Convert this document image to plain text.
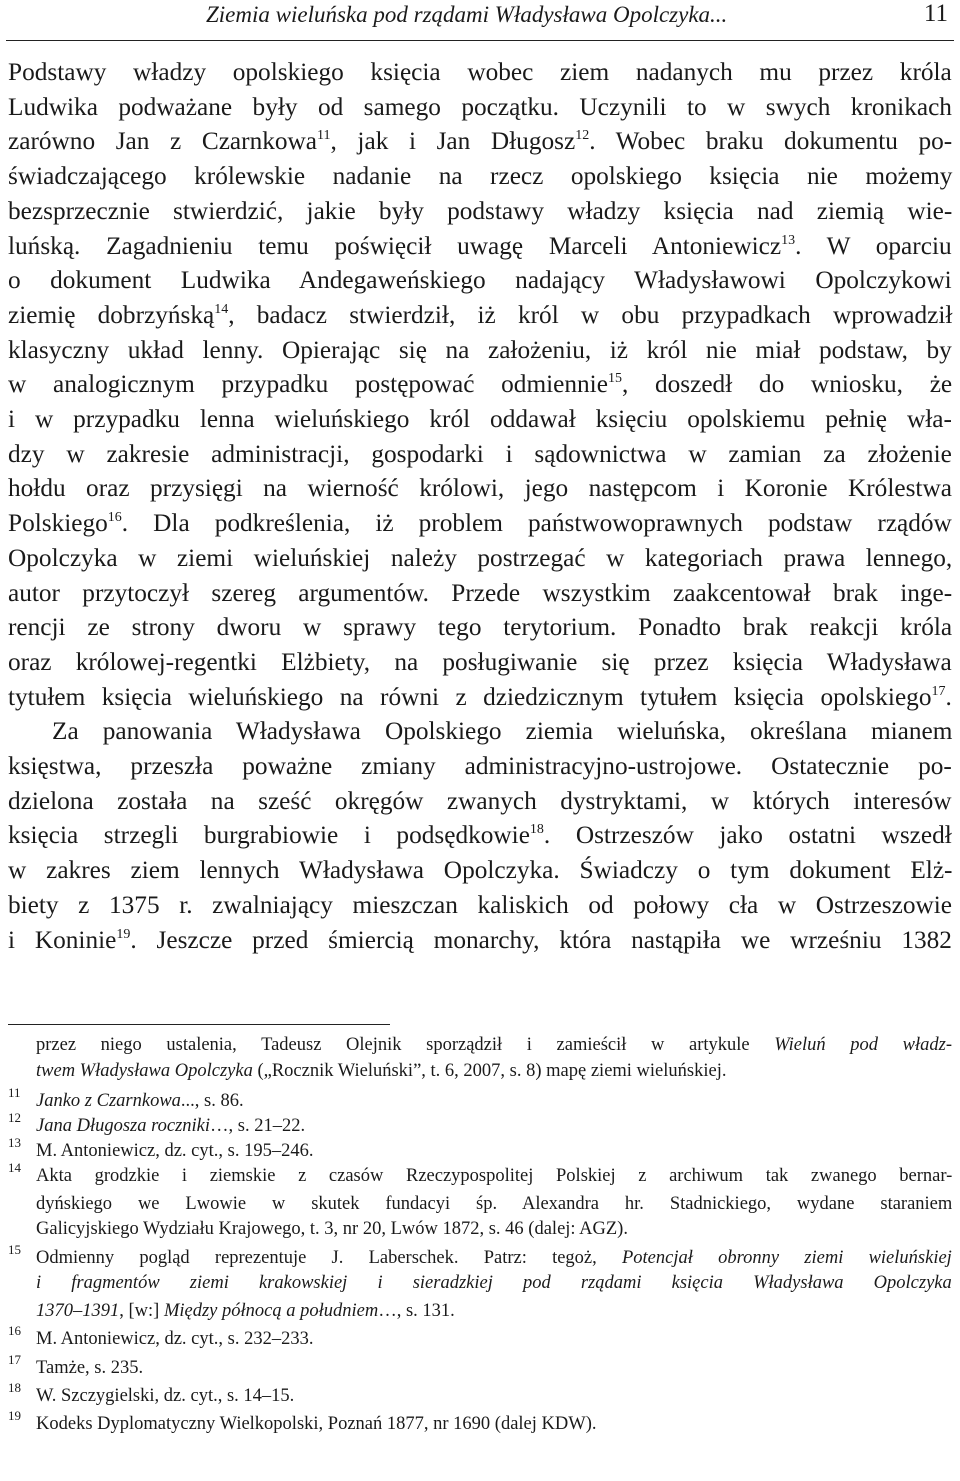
Ziemia wieluńska pod rządami Władysława Opolczyka...	11
Podstawy władzy opolskiego księcia wobec ziem nadanych mu przez króla
Ludwika podważane były od samego początku. Uczynili to w swych kronikach
zarówno Jan z Czarnkowa$^{11}$, jak i Jan Długosz$^{12}$. Wobec braku dokumentu po-
świadczającego królewskie nadanie na rzecz opolskiego księcia nie możemy
bezsprzecznie stwierdzić, jakie były podstawy władzy księcia nad ziemią wie-
luńską. Zagadnieniu temu poświęcił uwagę Marceli Antoniewicz$^{13}$. W oparciu
o dokument Ludwika Andegaweńskiego nadający Władysławowi Opolczykowi
ziemię dobrzyńską$^{14}$, badacz stwierdził, iż król w obu przypadkach wprowadził
klasyczny układ lenny. Opierając się na założeniu, iż król nie miał podstaw, by
w analogicznym przypadku postępować odmiennie$^{15}$, doszedł do wniosku, że
i w przypadku lenna wieluńskiego król oddawał księciu opolskiemu pełnię wła-
dzy w zakresie administracji, gospodarki i sądownictwa w zamian za złożenie
hołdu oraz przysięgi na wierność królowi, jego następcom i Koronie Królestwa
Polskiego$^{16}$. Dla podkreślenia, iż problem państwowoprawnych podstaw rządów
Opolczyka w ziemi wieluńskiej należy postrzegać w kategoriach prawa lennego,
autor przytoczył szereg argumentów. Przede wszystkim zaakcentował brak inge-
rencji ze strony dworu w sprawy tego terytorium. Ponadto brak reakcji króla
oraz królowej-regentki Elżbiety, na posługiwanie się przez księcia Władysława
tytułem księcia wieluńskiego na równi z dziedzicznym tytułem księcia opolskiego$^{17}$.
Za panowania Władysława Opolskiego ziemia wieluńska, określana mianem
księstwa, przeszła poważne zmiany administracyjno-ustrojowe. Ostatecznie po-
dzielona została na sześć okręgów zwanych dystryktami, w których interesów
księcia strzegli burgrabiowie i podsędkowie$^{18}$. Ostrzeszów jako ostatni wszedł
w zakres ziem lennych Władysława Opolczyka. Świadczy o tym dokument Elż-
biety z 1375 r. zwalniający mieszczan kaliskich od połowy cła w Ostrzeszowie
i Koninie$^{19}$. Jeszcze przed śmiercią monarchy, która nastąpiła we wrześniu 1382
przez niego ustalenia, Tadeusz Olejnik sporządził i zamieścił w artykule Wieluń pod władz-
twem Władysława Opolczyka („Rocznik Wieluński”, t. 6, 2007, s. 8) mapę ziemi wieluńskiej.
11 Janko z Czarnkowa..., s. 86.
12 Jana Długosza roczniki…, s. 21–22.
13 M. Antoniewicz, dz. cyt., s. 195–246.
14 Akta grodzkie i ziemskie z czasów Rzeczypospolitej Polskiej z archiwum tak zwanego bernar-
dyńskiego we Lwowie w skutek fundacyi śp. Alexandra hr. Stadnickiego, wydane staraniem
Galicyjskiego Wydziału Krajowego, t. 3, nr 20, Lwów 1872, s. 46 (dalej: AGZ).
15 Odmienny pogląd reprezentuje J. Laberschek. Patrz: tegoż, Potencjał obronny ziemi wieluńskiej
i fragmentów ziemi krakowskiej i sieradzkiej pod rządami księcia Władysława Opolczyka
1370–1391, [w:] Między północą a południem…, s. 131.
16 M. Antoniewicz, dz. cyt., s. 232–233.
17 Tamże, s. 235.
18 W. Szczygielski, dz. cyt., s. 14–15.
19 Kodeks Dyplomatyczny Wielkopolski, Poznań 1877, nr 1690 (dalej KDW).
